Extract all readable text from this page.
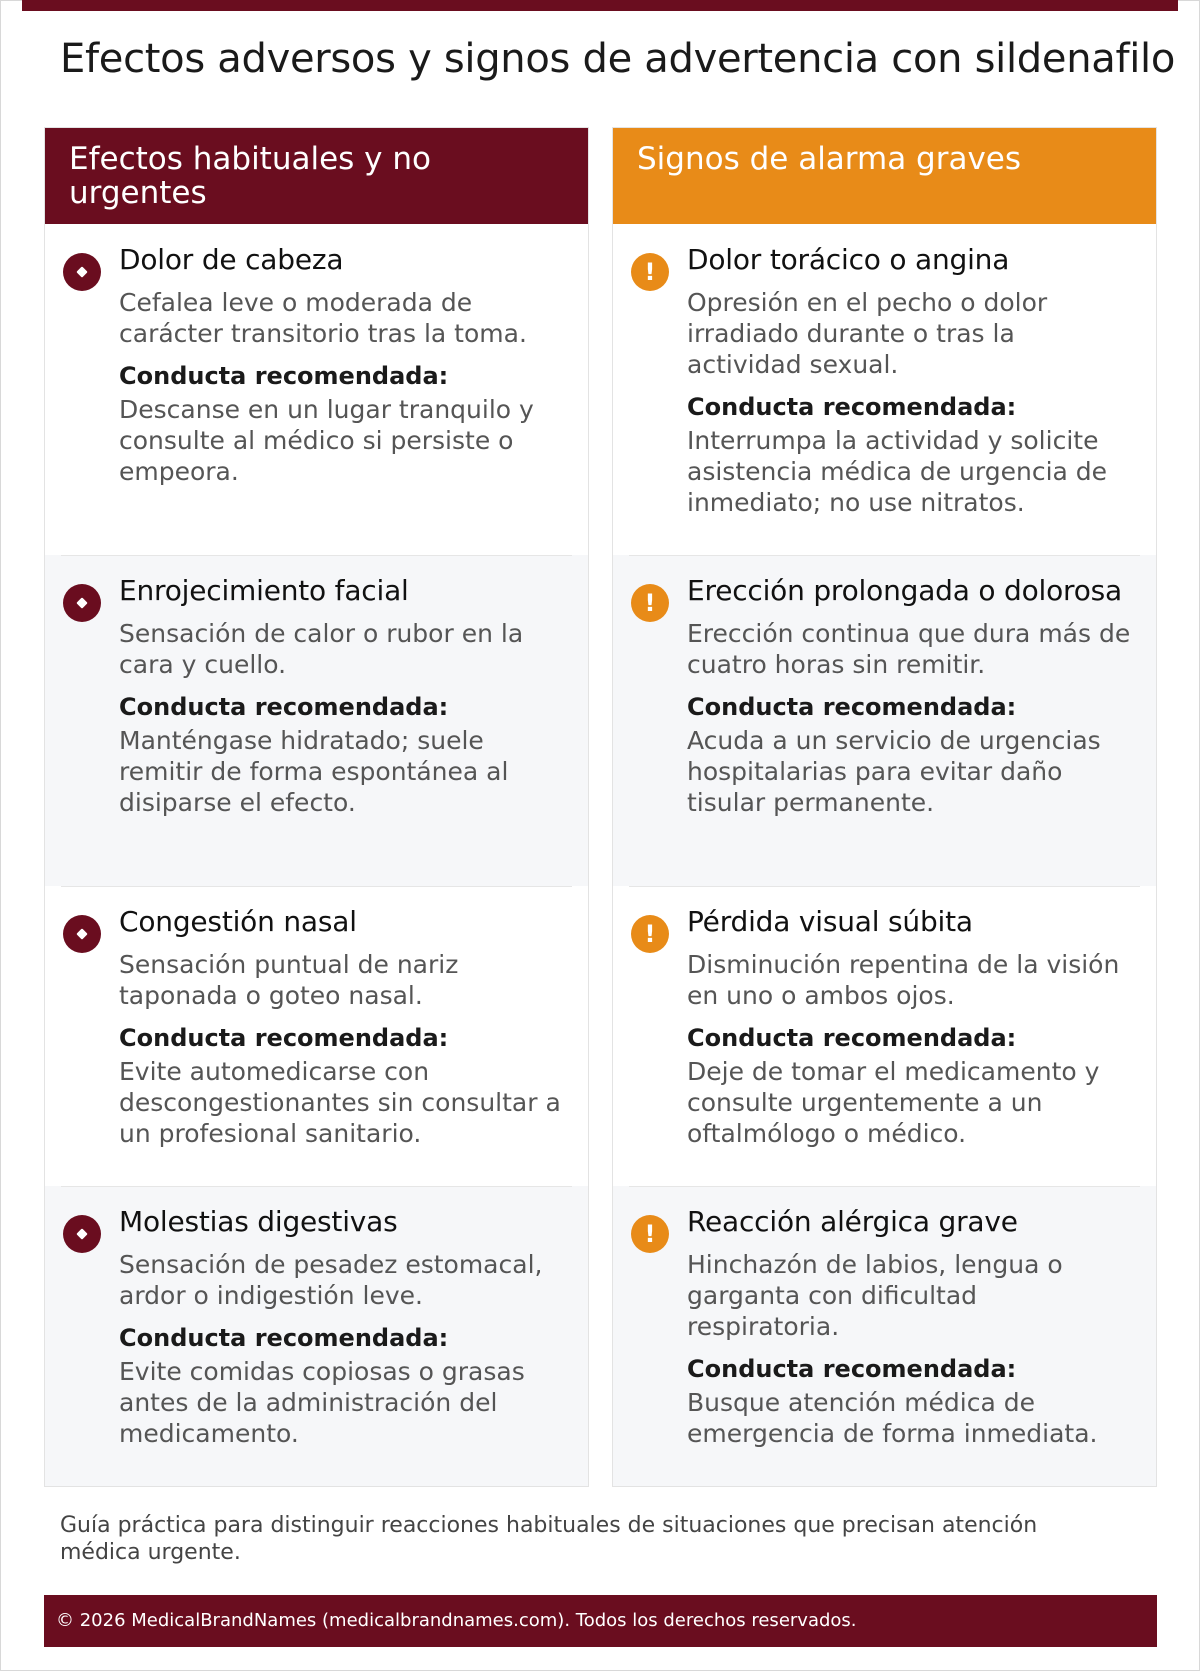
Efectos adversos y signos de advertencia con sildenafilo
Efectos habituales y no urgentes
Dolor de cabeza
Cefalea leve o moderada de carácter transitorio tras la toma.
Conducta recomendada:
Descanse en un lugar tranquilo y consulte al médico si persiste o empeora.
Enrojecimiento facial
Sensación de calor o rubor en la cara y cuello.
Conducta recomendada:
Manténgase hidratado; suele remitir de forma espontánea al disiparse el efecto.
Congestión nasal
Sensación puntual de nariz taponada o goteo nasal.
Conducta recomendada:
Evite automedicarse con descongestionantes sin consultar a un profesional sanitario.
Molestias digestivas
Sensación de pesadez estomacal, ardor o indigestión leve.
Conducta recomendada:
Evite comidas copiosas o grasas antes de la administración del medicamento.
Signos de alarma graves
!	Dolor torácico o angina
Opresión en el pecho o dolor irradiado durante o tras la actividad sexual.
Conducta recomendada:
Interrumpa la actividad y solicite asistencia médica de urgencia de inmediato; no use nitratos.
!	Erección prolongada o dolorosa
Erección continua que dura más de cuatro horas sin remitir.
Conducta recomendada:
Acuda a un servicio de urgencias hospitalarias para evitar daño tisular permanente.
!	Pérdida visual súbita
Disminución repentina de la visión en uno o ambos ojos.
Conducta recomendada:
Deje de tomar el medicamento y consulte urgentemente a un oftalmólogo o médico.
!	Reacción alérgica grave
Hinchazón de labios, lengua o garganta con dificultad respiratoria.
Conducta recomendada:
Busque atención médica de emergencia de forma inmediata.

Guía práctica para distinguir reacciones habituales de situaciones que precisan atención médica urgente.

© 2026 MedicalBrandNames (medicalbrandnames.com). Todos los derechos reservados.
